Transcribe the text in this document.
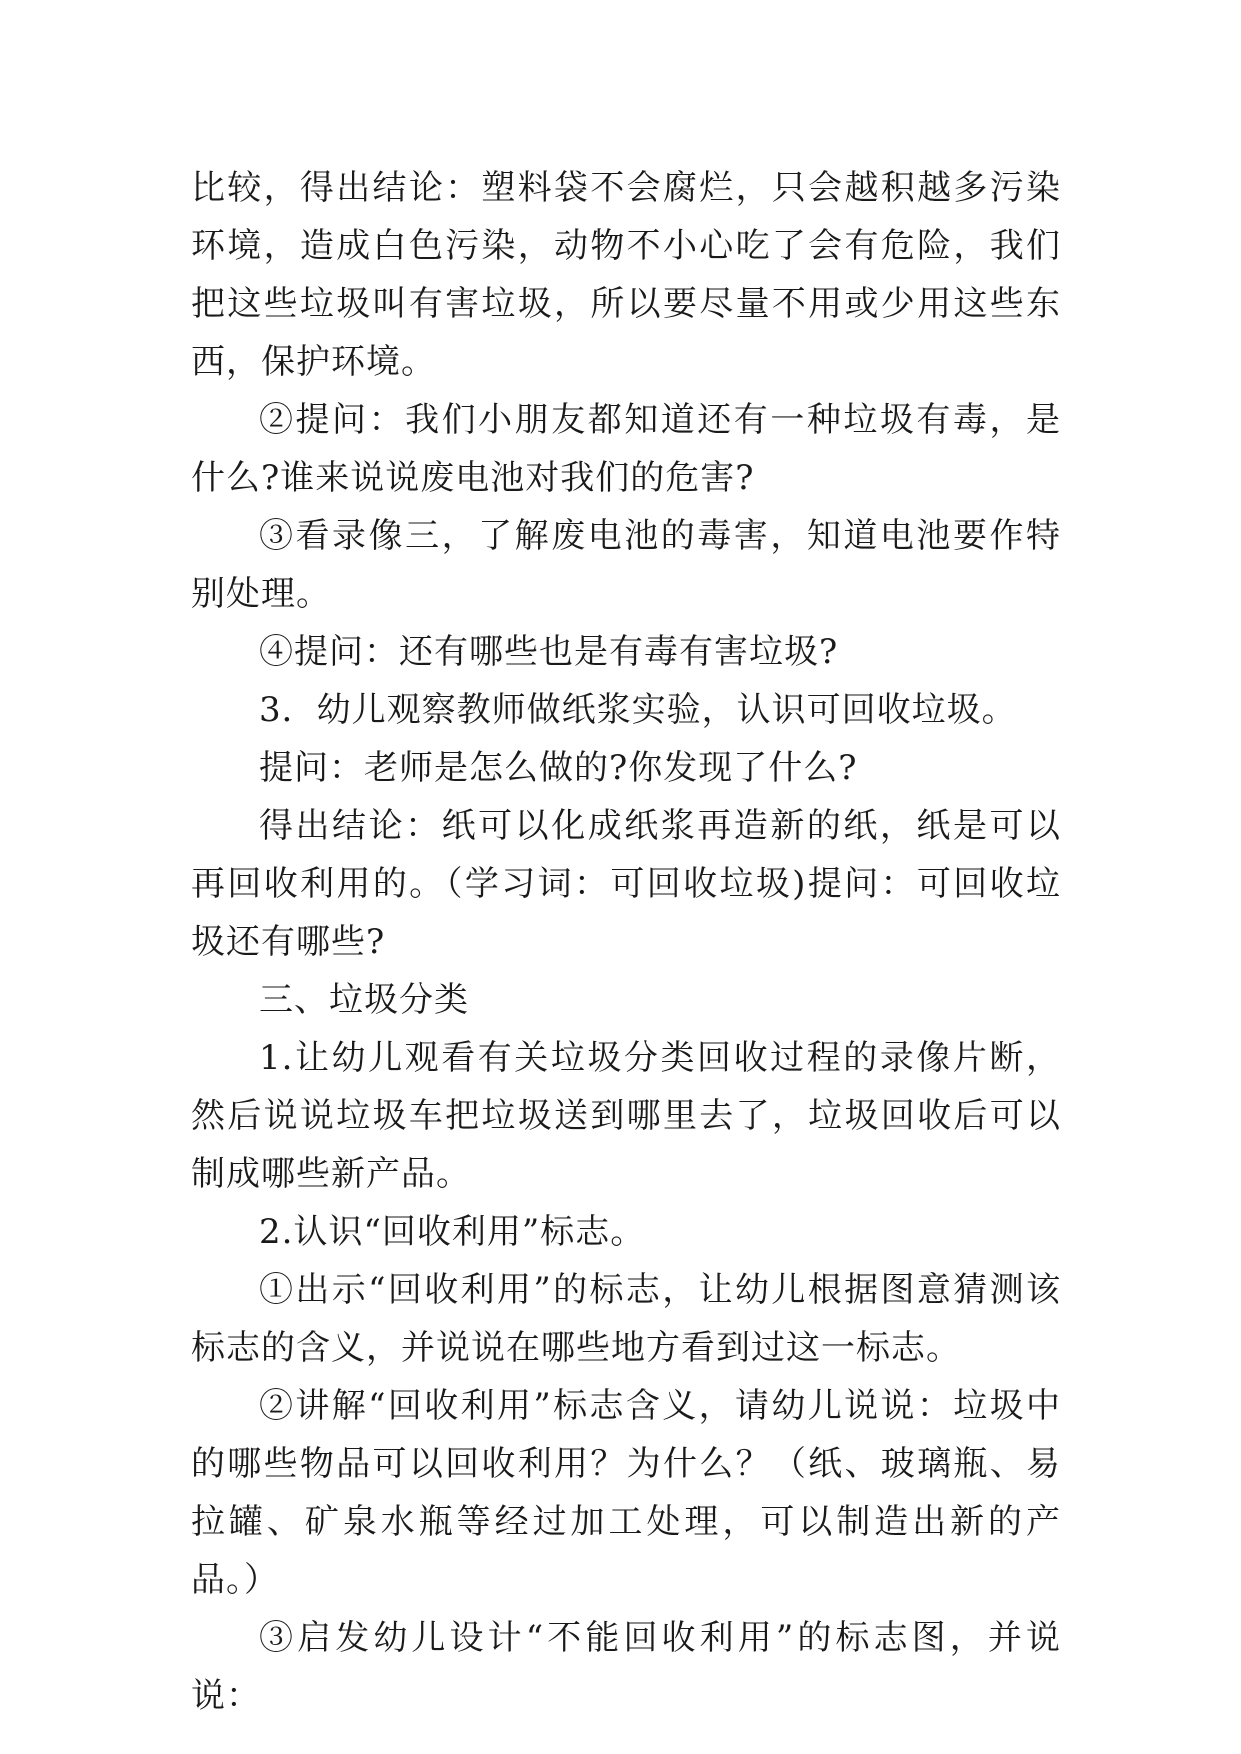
比较，得出结论：塑料袋不会腐烂，只会越积越多污染环境，造成白色污染，动物不小心吃了会有危险，我们把这些垃圾叫有害垃圾，所以要尽量不用或少用这些东西，保护环境。

②提问：我们小朋友都知道还有一种垃圾有毒，是什么?谁来说说废电池对我们的危害?

③看录像三，了解废电池的毒害，知道电池要作特别处理。

④提问：还有哪些也是有毒有害垃圾?

3．幼儿观察教师做纸浆实验，认识可回收垃圾。

提问：老师是怎么做的?你发现了什么?

得出结论：纸可以化成纸浆再造新的纸，纸是可以再回收利用的。（学习词：可回收垃圾)提问：可回收垃圾还有哪些?

三、垃圾分类

1.让幼儿观看有关垃圾分类回收过程的录像片断，然后说说垃圾车把垃圾送到哪里去了，垃圾回收后可以制成哪些新产品。

2.认识“回收利用”标志。

①出示“回收利用”的标志，让幼儿根据图意猜测该标志的含义，并说说在哪些地方看到过这一标志。

②讲解“回收利用”标志含义，请幼儿说说：垃圾中的哪些物品可以回收利用？为什么？（纸、玻璃瓶、易拉罐、矿泉水瓶等经过加工处理，可以制造出新的产品。）

③启发幼儿设计“不能回收利用”的标志图，并说说：
